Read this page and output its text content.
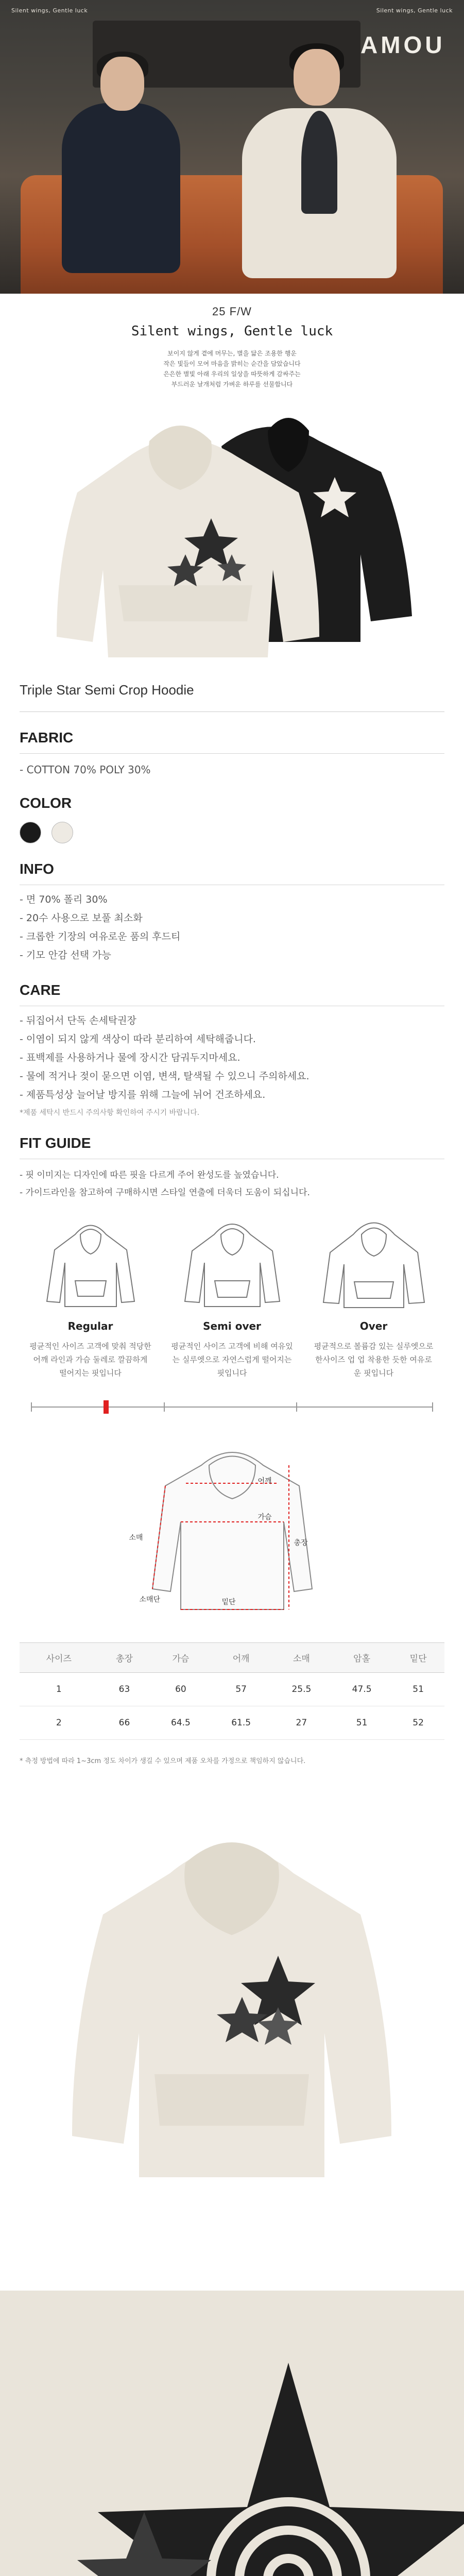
Silent wings, Gentle luck	Silent wings, Gentle luck
AMOU
25 F/W
Silent wings, Gentle luck
보이지 않게 곁에 머무는, 별을 닮은 조용한 행운
작은 빛들이 모여 마음을 밝히는 순간을 담았습니다
은은한 별빛 아래 우리의 일상을 따뜻하게 감싸주는
부드러운 날개처럼 가벼운 하루를 선물합니다
Triple Star Semi Crop Hoodie
FABRIC
- COTTON 70% POLY 30%
COLOR
INFO
- 면 70% 폴리 30%
- 20수 사용으로 보풀 최소화
- 크롭한 기장의 여유로운 품의 후드티
- 기모 안감 선택 가능
CARE
- 뒤집어서 단독 손세탁권장
- 이염이 되지 않게 색상이 따라 분리하여 세탁해줍니다.
- 표백제를 사용하거나 물에 장시간 담궈두지마세요.
- 물에 적거나 젖이 묻으면 이염, 변색, 탈색될 수 있으니 주의하세요.
- 제품특성상 늘어날 방지를 위해 그늘에 뉘어 건조하세요.
*제품 세탁시 반드시 주의사항 확인하여 주시기 바랍니다.
FIT GUIDE
- 핏 이미지는 디자인에 따른 핏을 다르게 주어 완성도를 높였습니다.
- 가이드라인을 참고하여 구매하시면 스타일 연출에 더욱더 도움이 되십니다.
Regular
평균적인 사이즈 고객에 맞춰 적당한 어깨 라인과 가슴 둘레로 깔끔하게 떨어지는 핏입니다
Semi over
평균적인 사이즈 고객에 비해 여유있는 실루엣으로 자연스럽게 떨어지는 핏입니다
Over
평균적으로 볼륨감 있는 실루엣으로 한사이즈 업 업 착용한 듯한 여유로운 핏입니다
어깨
가슴
총장
소매
밑단
소매단
사이즈	총장	가슴	어깨	소매	암홀	밑단
1	63	60	57	25.5	47.5	51
2	66	64.5	61.5	27	51	52
* 측정 방법에 따라 1~3cm 정도 차이가 생길 수 있으며 제품 오차를 가정으로 책임하지 않습니다.
